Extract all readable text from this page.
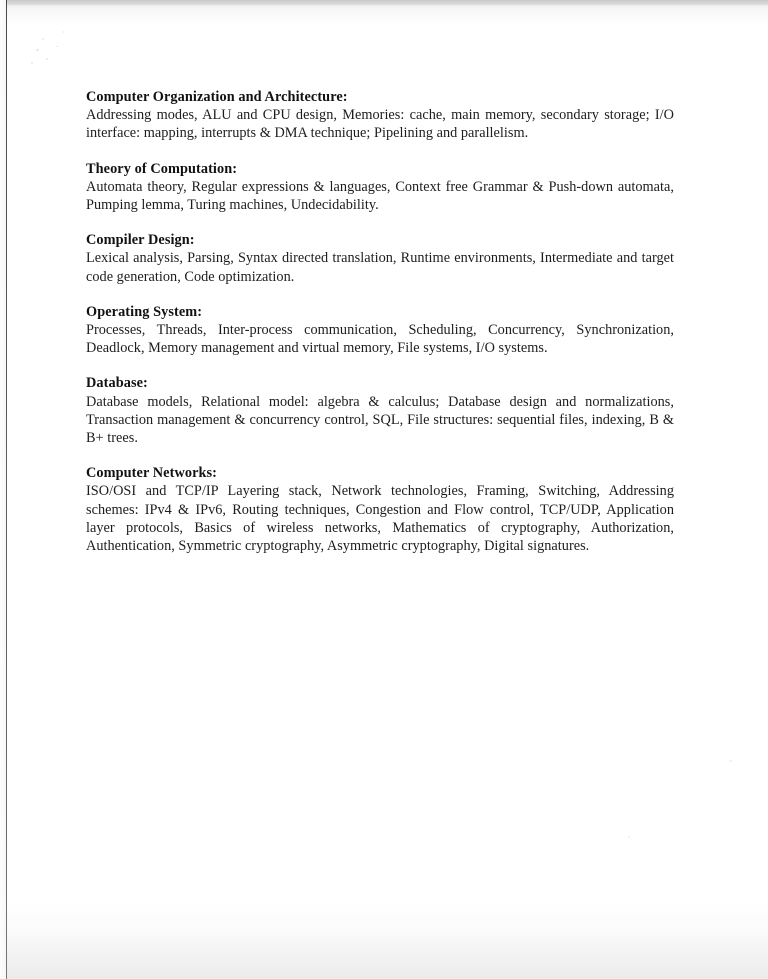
Computer Organization and Architecture:
Addressing modes, ALU and CPU design, Memories: cache, main memory, secondary storage; I/O interface: mapping, interrupts & DMA technique; Pipelining and parallelism.
Theory of Computation:
Automata theory, Regular expressions & languages, Context free Grammar & Push-down automata, Pumping lemma, Turing machines, Undecidability.
Compiler Design:
Lexical analysis, Parsing, Syntax directed translation, Runtime environments, Intermediate and target code generation, Code optimization.
Operating System:
Processes, Threads, Inter-process communication, Scheduling, Concurrency, Synchronization, Deadlock, Memory management and virtual memory, File systems, I/O systems.
Database:
Database models, Relational model: algebra & calculus; Database design and normalizations, Transaction management & concurrency control, SQL, File structures: sequential files, indexing, B & B+ trees.
Computer Networks:
ISO/OSI and TCP/IP Layering stack, Network technologies, Framing, Switching, Addressing schemes: IPv4 & IPv6, Routing techniques, Congestion and Flow control, TCP/UDP, Application layer protocols, Basics of wireless networks, Mathematics of cryptography, Authorization, Authentication, Symmetric cryptography, Asymmetric cryptography, Digital signatures.
